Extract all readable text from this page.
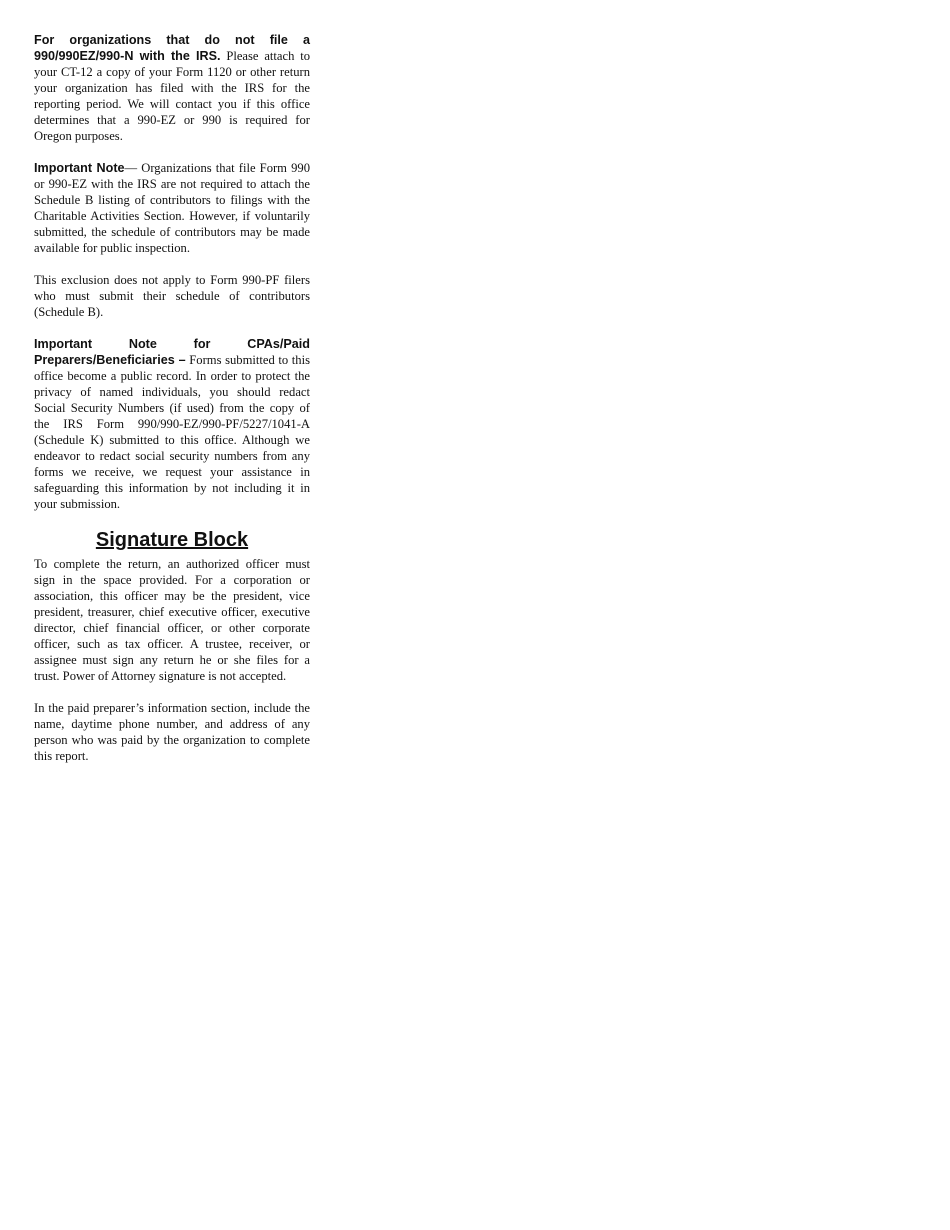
For organizations that do not file a 990/990EZ/990-N with the IRS. Please attach to your CT-12 a copy of your Form 1120 or other return your organization has filed with the IRS for the reporting period. We will contact you if this office determines that a 990-EZ or 990 is required for Oregon purposes.

Important Note— Organizations that file Form 990 or 990-EZ with the IRS are not required to attach the Schedule B listing of contributors to filings with the Charitable Activities Section. However, if voluntarily submitted, the schedule of contributors may be made available for public inspection.

This exclusion does not apply to Form 990-PF filers who must submit their schedule of contributors (Schedule B).

Important Note for CPAs/Paid Preparers/Beneficiaries – Forms submitted to this office become a public record. In order to protect the privacy of named individuals, you should redact Social Security Numbers (if used) from the copy of the IRS Form 990/990-EZ/990-PF/5227/1041-A (Schedule K) submitted to this office. Although we endeavor to redact social security numbers from any forms we receive, we request your assistance in safeguarding this information by not including it in your submission.

Signature Block

To complete the return, an authorized officer must sign in the space provided. For a corporation or association, this officer may be the president, vice president, treasurer, chief executive officer, executive director, chief financial officer, or other corporate officer, such as tax officer. A trustee, receiver, or assignee must sign any return he or she files for a trust. Power of Attorney signature is not accepted.

In the paid preparer’s information section, include the name, daytime phone number, and address of any person who was paid by the organization to complete this report.
